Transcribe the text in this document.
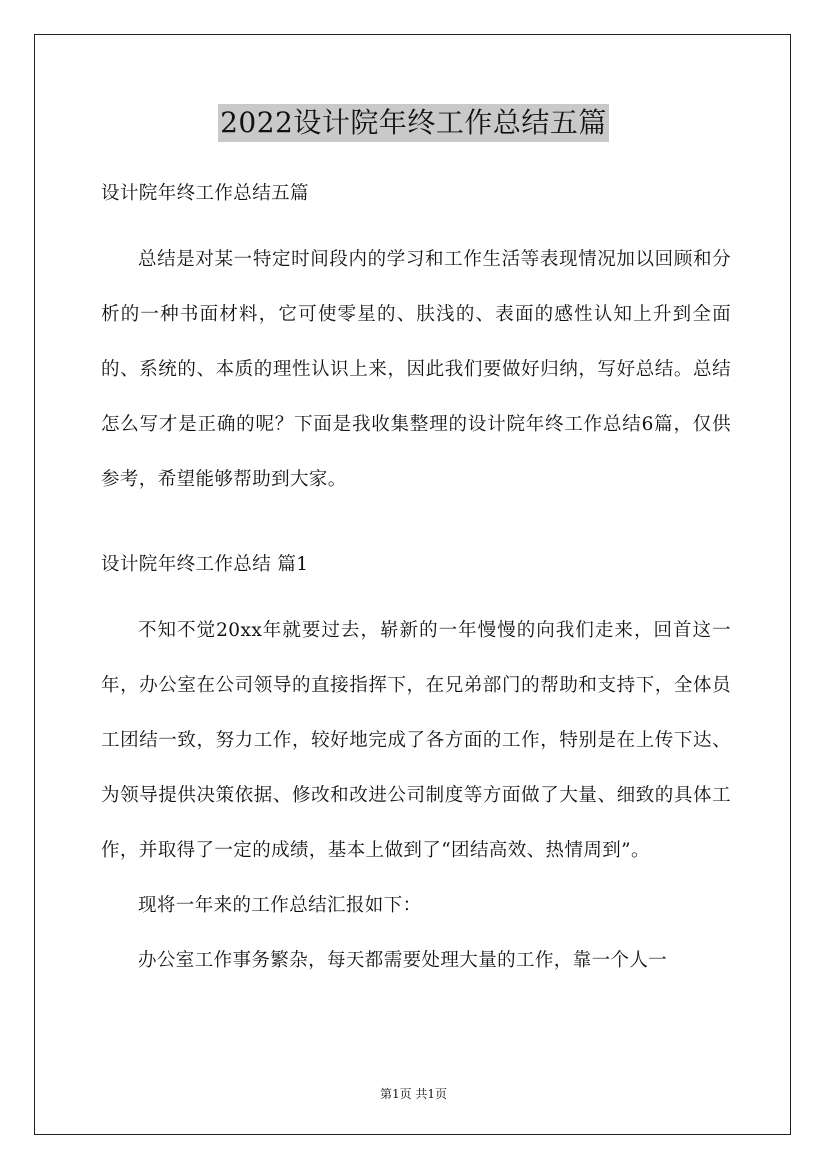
2022设计院年终工作总结五篇

设计院年终工作总结五篇

总结是对某一特定时间段内的学习和工作生活等表现情况加以回顾和分析的一种书面材料，它可使零星的、肤浅的、表面的感性认知上升到全面的、系统的、本质的理性认识上来，因此我们要做好归纳，写好总结。总结怎么写才是正确的呢？下面是我收集整理的设计院年终工作总结6篇，仅供参考，希望能够帮助到大家。

设计院年终工作总结 篇1

不知不觉20xx年就要过去，崭新的一年慢慢的向我们走来，回首这一年，办公室在公司领导的直接指挥下，在兄弟部门的帮助和支持下，全体员工团结一致，努力工作，较好地完成了各方面的工作，特别是在上传下达、为领导提供决策依据、修改和改进公司制度等方面做了大量、细致的具体工作，并取得了一定的成绩，基本上做到了“团结高效、热情周到”。

现将一年来的工作总结汇报如下：

办公室工作事务繁杂，每天都需要处理大量的工作，靠一个人一

第1页 共1页
